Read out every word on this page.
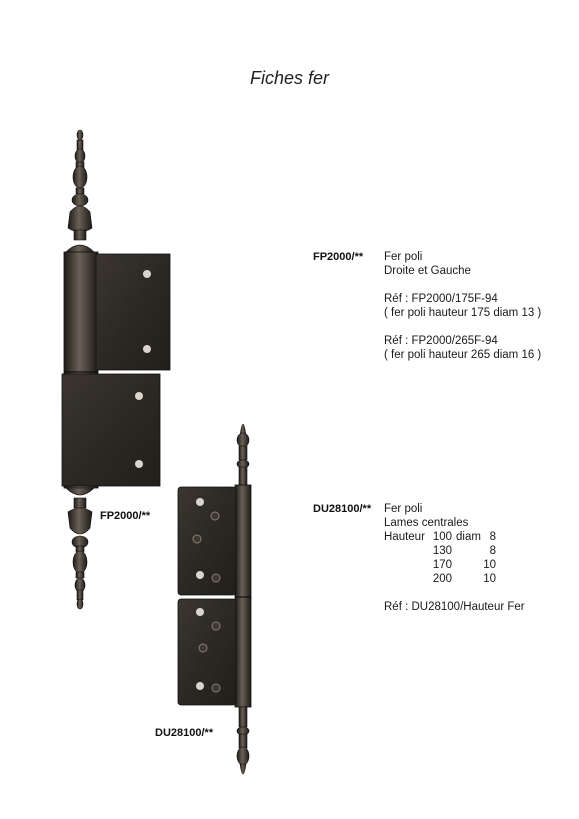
Fiches fer
FP2000/**
DU28100/**
FP2000/** Fer poli
Droite et Gauche
Réf : FP2000/175F-94
( fer poli hauteur 175 diam 13 )
Réf : FP2000/265F-94
( fer poli hauteur 265 diam 16 )
DU28100/** Fer poli
Lames centrales
Hauteur	100	diam	8
	130		8
	170		10
	200		10
Réf : DU28100/Hauteur Fer
